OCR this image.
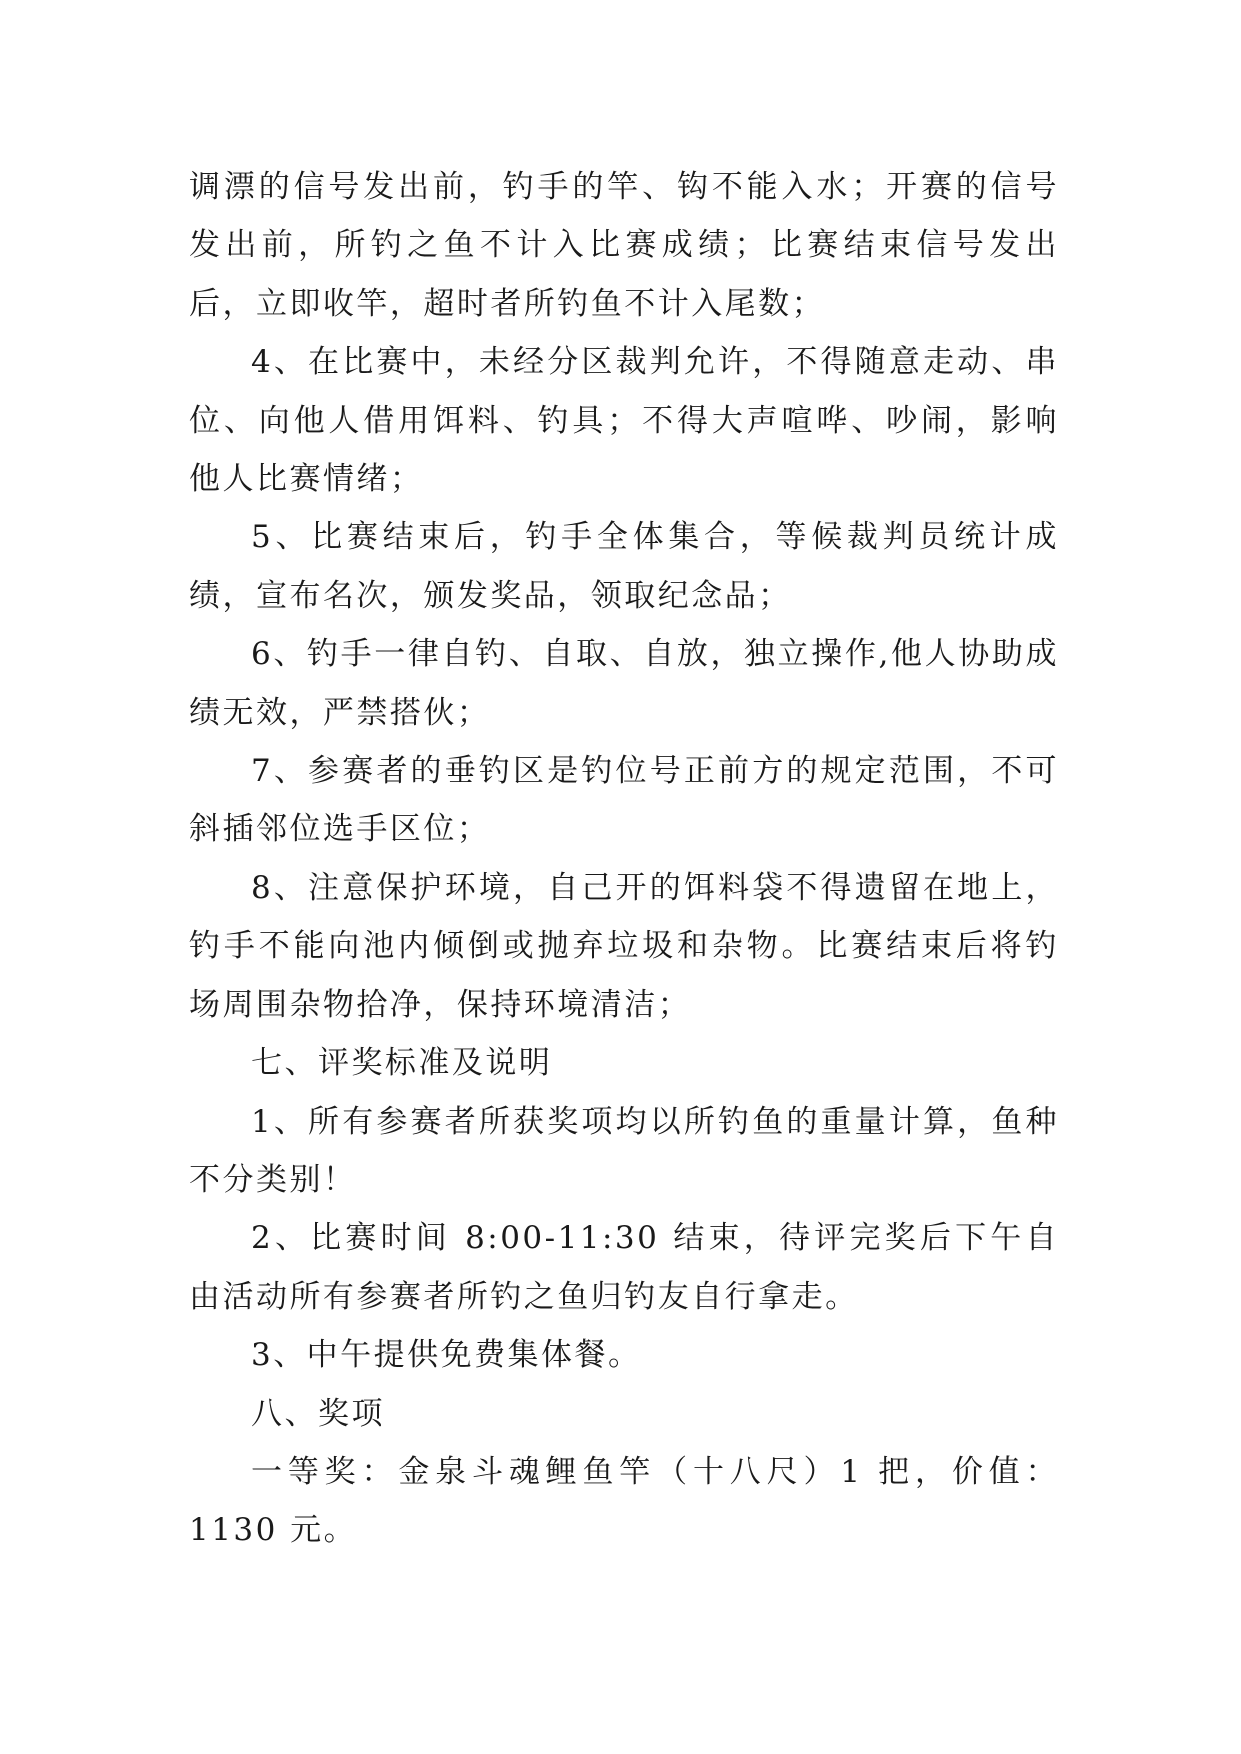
调漂的信号发出前，钓手的竿、钩不能入水；开赛的信号发出前，所钓之鱼不计入比赛成绩；比赛结束信号发出后，立即收竿，超时者所钓鱼不计入尾数；

4、在比赛中，未经分区裁判允许，不得随意走动、串位、向他人借用饵料、钓具；不得大声喧哗、吵闹，影响他人比赛情绪；

5、比赛结束后，钓手全体集合，等候裁判员统计成绩，宣布名次，颁发奖品，领取纪念品；

6、钓手一律自钓、自取、自放，独立操作,他人协助成绩无效，严禁搭伙；

7、参赛者的垂钓区是钓位号正前方的规定范围，不可斜插邻位选手区位；

8、注意保护环境，自己开的饵料袋不得遗留在地上，钓手不能向池内倾倒或抛弃垃圾和杂物。比赛结束后将钓场周围杂物拾净，保持环境清洁；

七、评奖标准及说明

1、所有参赛者所获奖项均以所钓鱼的重量计算，鱼种不分类别！

2、比赛时间 8:00-11:30 结束，待评完奖后下午自由活动所有参赛者所钓之鱼归钓友自行拿走。

3、中午提供免费集体餐。

八、奖项

一等奖：金泉斗魂鲤鱼竿（十八尺）1 把，价值：1130 元。
